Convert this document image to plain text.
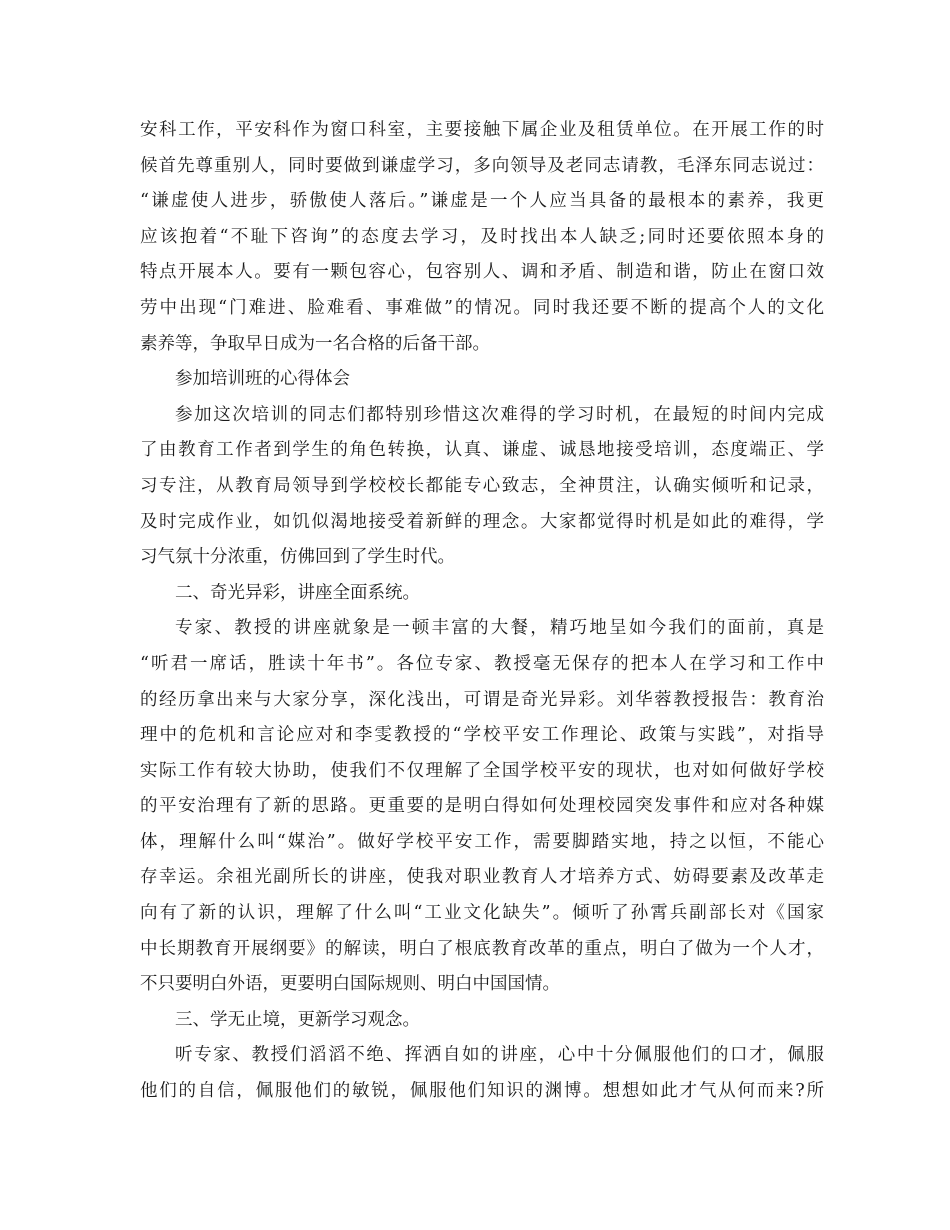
安科工作，平安科作为窗口科室，主要接触下属企业及租赁单位。在开展工作的时
候首先尊重别人，同时要做到谦虚学习，多向领导及老同志请教，毛泽东同志说过：
“谦虚使人进步，骄傲使人落后。”谦虚是一个人应当具备的最根本的素养，我更
应该抱着“不耻下咨询”的态度去学习，及时找出本人缺乏;同时还要依照本身的
特点开展本人。要有一颗包容心，包容别人、调和矛盾、制造和谐，防止在窗口效
劳中出现“门难进、脸难看、事难做”的情况。同时我还要不断的提高个人的文化
素养等，争取早日成为一名合格的后备干部。
参加培训班的心得体会
参加这次培训的同志们都特别珍惜这次难得的学习时机，在最短的时间内完成
了由教育工作者到学生的角色转换，认真、谦虚、诚恳地接受培训，态度端正、学
习专注，从教育局领导到学校校长都能专心致志，全神贯注，认确实倾听和记录，
及时完成作业，如饥似渴地接受着新鲜的理念。大家都觉得时机是如此的难得，学
习气氛十分浓重，仿佛回到了学生时代。
二、奇光异彩，讲座全面系统。
专家、教授的讲座就象是一顿丰富的大餐，精巧地呈如今我们的面前，真是
“听君一席话，胜读十年书”。各位专家、教授毫无保存的把本人在学习和工作中
的经历拿出来与大家分享，深化浅出，可谓是奇光异彩。刘华蓉教授报告：教育治
理中的危机和言论应对和李雯教授的“学校平安工作理论、政策与实践”，对指导
实际工作有较大协助，使我们不仅理解了全国学校平安的现状，也对如何做好学校
的平安治理有了新的思路。更重要的是明白得如何处理校园突发事件和应对各种媒
体，理解什么叫“媒治”。做好学校平安工作，需要脚踏实地，持之以恒，不能心
存幸运。余祖光副所长的讲座，使我对职业教育人才培养方式、妨碍要素及改革走
向有了新的认识，理解了什么叫“工业文化缺失”。倾听了孙霄兵副部长对《国家
中长期教育开展纲要》的解读，明白了根底教育改革的重点，明白了做为一个人才，
不只要明白外语，更要明白国际规则、明白中国国情。
三、学无止境，更新学习观念。
听专家、教授们滔滔不绝、挥洒自如的讲座，心中十分佩服他们的口才，佩服
他们的自信，佩服他们的敏锐，佩服他们知识的渊博。想想如此才气从何而来?所
